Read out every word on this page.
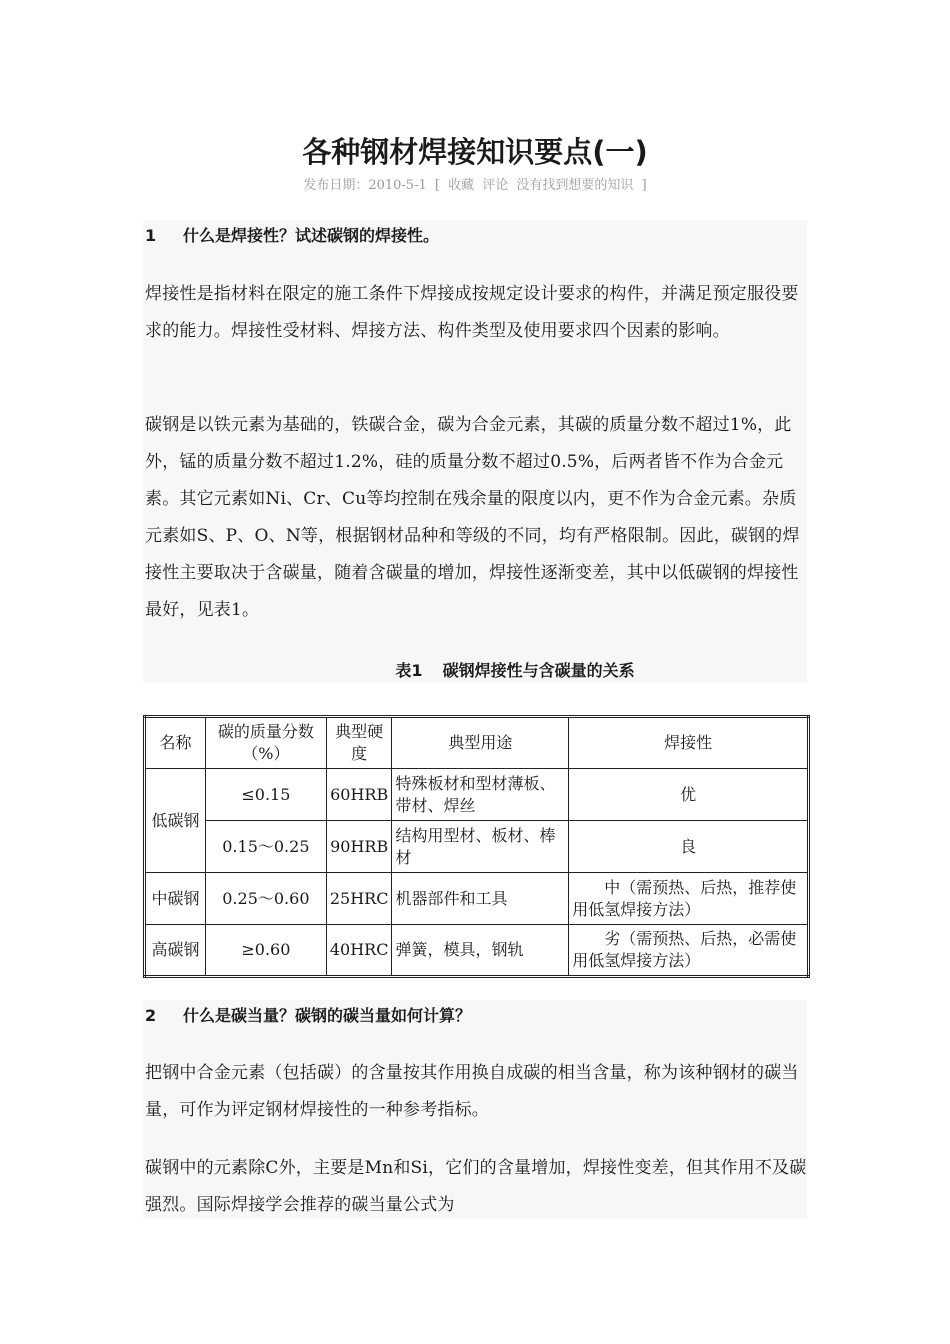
各种钢材焊接知识要点(一)
发布日期：2010-5-1 [ 收藏 评论 没有找到想要的知识 ]
1 什么是焊接性？试述碳钢的焊接性。
焊接性是指材料在限定的施工条件下焊接成按规定设计要求的构件，并满足预定服役要求的能力。焊接性受材料、焊接方法、构件类型及使用要求四个因素的影响。
碳钢是以铁元素为基础的，铁碳合金，碳为合金元素，其碳的质量分数不超过1%，此外，锰的质量分数不超过1.2%，硅的质量分数不超过0.5%，后两者皆不作为合金元素。其它元素如Ni、Cr、Cu等均控制在残余量的限度以内，更不作为合金元素。杂质元素如S、P、O、N等，根据钢材品种和等级的不同，均有严格限制。因此，碳钢的焊接性主要取决于含碳量，随着含碳量的增加，焊接性逐渐变差，其中以低碳钢的焊接性最好，见表1。
表1 碳钢焊接性与含碳量的关系
名称	碳的质量分数（%）	典型硬度	典型用途	焊接性
低碳钢	≤0.15	60HRB	特殊板材和型材薄板、带材、焊丝	优
	0.15～0.25	90HRB	结构用型材、板材、棒材	良
中碳钢	0.25～0.60	25HRC	机器部件和工具	中（需预热、后热，推荐使用低氢焊接方法）
高碳钢	≥0.60	40HRC	弹簧，模具，钢轨	劣（需预热、后热，必需使用低氢焊接方法）
2 什么是碳当量？碳钢的碳当量如何计算？
把钢中合金元素（包括碳）的含量按其作用换自成碳的相当含量，称为该种钢材的碳当量，可作为评定钢材焊接性的一种参考指标。
碳钢中的元素除C外，主要是Mn和Si，它们的含量增加，焊接性变差，但其作用不及碳强烈。国际焊接学会推荐的碳当量公式为
